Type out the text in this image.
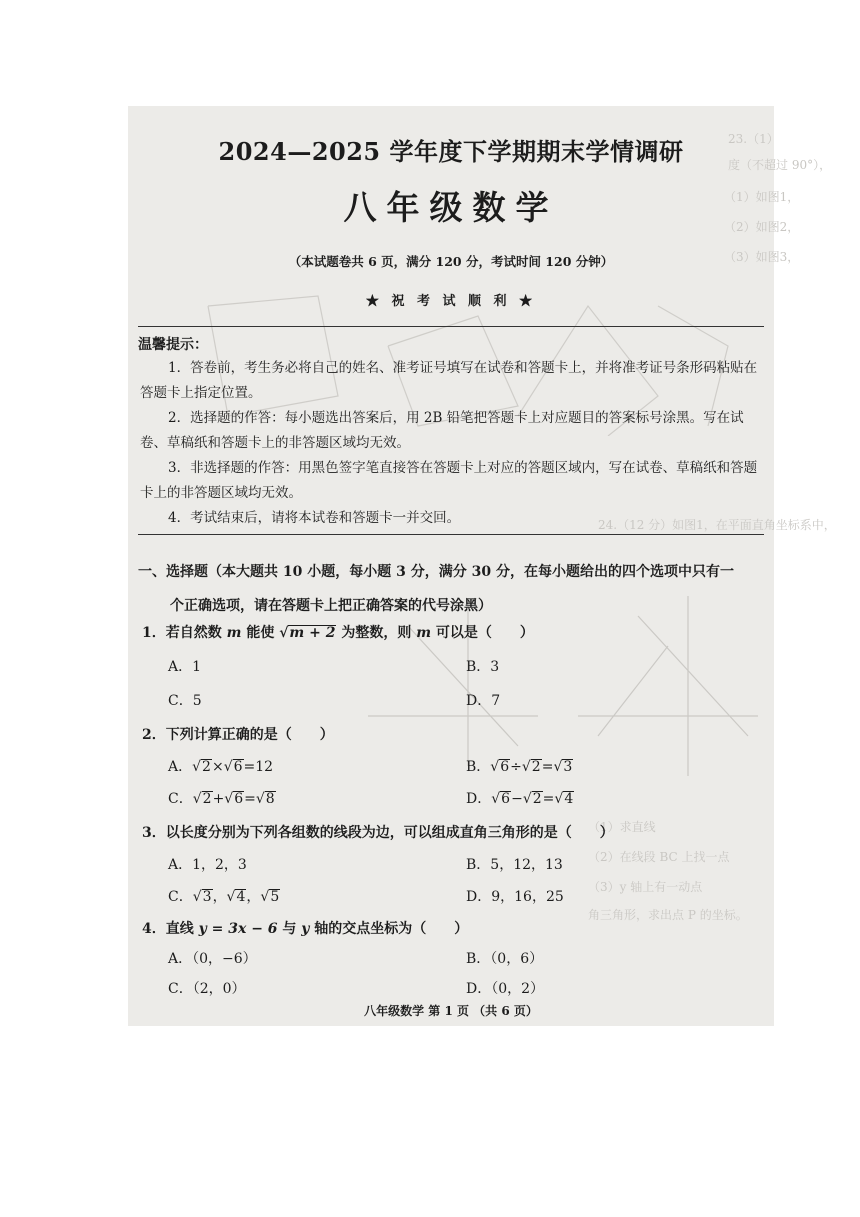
23.（1）
度（不超过 90°），
（1）如图1，
（2）如图2，
（3）如图3，
24.（12 分）如图1，在平面直角坐标系中，
（1）求直线
（2）在线段 BC 上找一点
（3）y 轴上有一动点
角三角形，求出点 P 的坐标。
2024—2025 学年度下学期期末学情调研
八年级数学
（本试题卷共 6 页，满分 120 分，考试时间 120 分钟）
★ 祝 考 试 顺 利 ★
温馨提示：
1．答卷前，考生务必将自己的姓名、准考证号填写在试卷和答题卡上，并将准考证号条形码粘贴在答题卡上指定位置。
2．选择题的作答：每小题选出答案后，用 2B 铅笔把答题卡上对应题目的答案标号涂黑。写在试卷、草稿纸和答题卡上的非答题区域均无效。
3．非选择题的作答：用黑色签字笔直接答在答题卡上对应的答题区域内，写在试卷、草稿纸和答题卡上的非答题区域均无效。
4．考试结束后，请将本试卷和答题卡一并交回。
一、选择题（本大题共 10 小题，每小题 3 分，满分 30 分，在每小题给出的四个选项中只有一
个正确选项，请在答题卡上把正确答案的代号涂黑）
1．若自然数 m 能使 √m + 2 为整数，则 m 可以是（　　）
A．1	B．3
C．5	D．7
2．下列计算正确的是（　　）
A．√2×√6=12	B．√6÷√2=√3
C．√2+√6=√8	D．√6−√2=√4
3．以长度分别为下列各组数的线段为边，可以组成直角三角形的是（　　）
A．1，2，3	B．5，12，13
C．√3，√4，√5	D．9，16，25
4．直线 y = 3x − 6 与 y 轴的交点坐标为（　　）
A．（0，−6）	B．（0，6）
C．（2，0）	D．（0，2）
八年级数学 第 1 页 （共 6 页）
